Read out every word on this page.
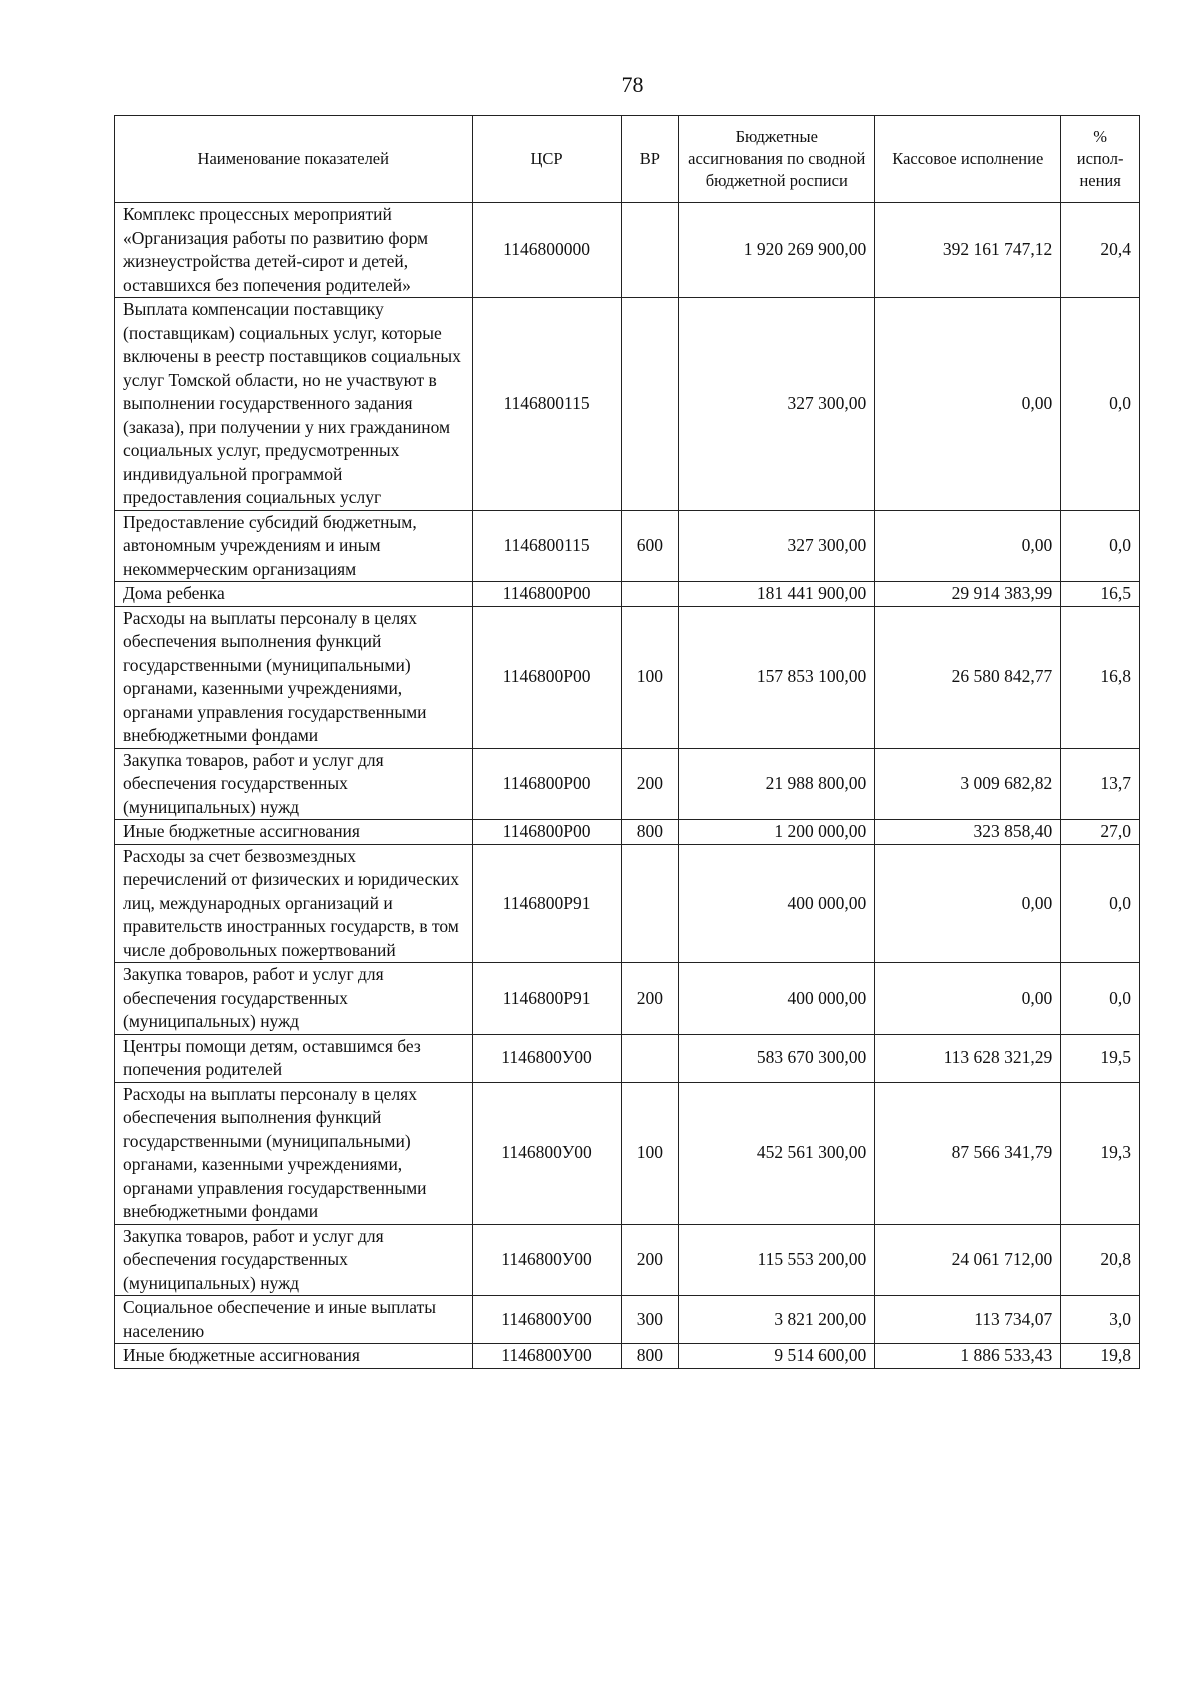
78
Наименование показателей	ЦСР	ВР	Бюджетные ассигнования по сводной бюджетной росписи	Кассовое исполнение	% испол-нения
Комплекс процессных мероприятий «Организация работы по развитию форм жизнеустройства детей-сирот и детей, оставшихся без попечения родителей»	1146800000		1 920 269 900,00	392 161 747,12	20,4
Выплата компенсации поставщику (поставщикам) социальных услуг, которые включены в реестр поставщиков социальных услуг Томской области, но не участвуют в выполнении государственного задания (заказа), при получении у них гражданином социальных услуг, предусмотренных индивидуальной программой предоставления социальных услуг	1146800115		327 300,00	0,00	0,0
Предоставление субсидий бюджетным, автономным учреждениям и иным некоммерческим организациям	1146800115	600	327 300,00	0,00	0,0
Дома ребенка	1146800Р00		181 441 900,00	29 914 383,99	16,5
Расходы на выплаты персоналу в целях обеспечения выполнения функций государственными (муниципальными) органами, казенными учреждениями, органами управления государственными внебюджетными фондами	1146800Р00	100	157 853 100,00	26 580 842,77	16,8
Закупка товаров, работ и услуг для обеспечения государственных (муниципальных) нужд	1146800Р00	200	21 988 800,00	3 009 682,82	13,7
Иные бюджетные ассигнования	1146800Р00	800	1 200 000,00	323 858,40	27,0
Расходы за счет безвозмездных перечислений от физических и юридических лиц, международных организаций и правительств иностранных государств, в том числе добровольных пожертвований	1146800Р91		400 000,00	0,00	0,0
Закупка товаров, работ и услуг для обеспечения государственных (муниципальных) нужд	1146800Р91	200	400 000,00	0,00	0,0
Центры помощи детям, оставшимся без попечения родителей	1146800У00		583 670 300,00	113 628 321,29	19,5
Расходы на выплаты персоналу в целях обеспечения выполнения функций государственными (муниципальными) органами, казенными учреждениями, органами управления государственными внебюджетными фондами	1146800У00	100	452 561 300,00	87 566 341,79	19,3
Закупка товаров, работ и услуг для обеспечения государственных (муниципальных) нужд	1146800У00	200	115 553 200,00	24 061 712,00	20,8
Социальное обеспечение и иные выплаты населению	1146800У00	300	3 821 200,00	113 734,07	3,0
Иные бюджетные ассигнования	1146800У00	800	9 514 600,00	1 886 533,43	19,8
